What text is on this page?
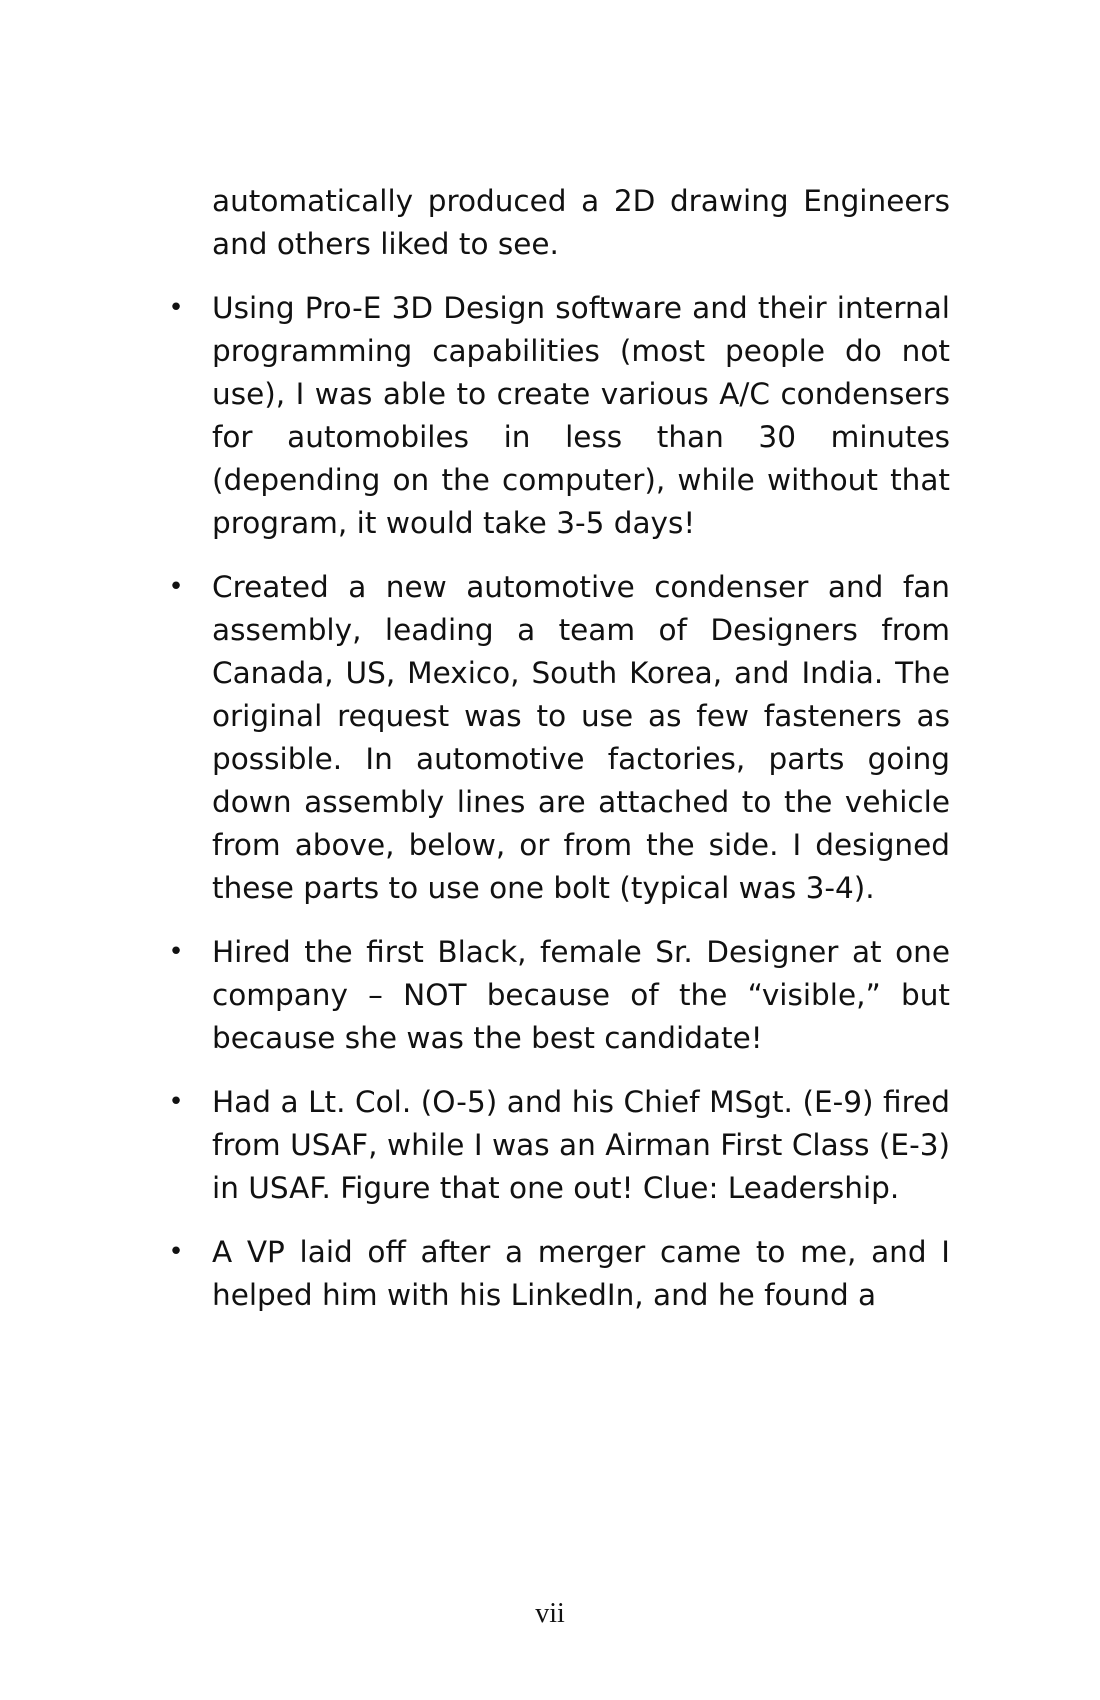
automatically produced a 2D drawing Engineers and others liked to see.

• Using Pro-E 3D Design software and their internal programming capabilities (most people do not use), I was able to create various A/C condensers for automobiles in less than 30 minutes (depending on the computer), while without that program, it would take 3-5 days!
• Created a new automotive condenser and fan assembly, leading a team of Designers from Canada, US, Mexico, South Korea, and India. The original request was to use as few fasteners as possible. In automotive factories, parts going down assembly lines are attached to the vehicle from above, below, or from the side. I designed these parts to use one bolt (typical was 3-4).
• Hired the first Black, female Sr. Designer at one company – NOT because of the “visible,” but because she was the best candidate!
• Had a Lt. Col. (O-5) and his Chief MSgt. (E-9) fired from USAF, while I was an Airman First Class (E-3) in USAF. Figure that one out! Clue: Leadership.
• A VP laid off after a merger came to me, and I helped him with his LinkedIn, and he found a
vii
